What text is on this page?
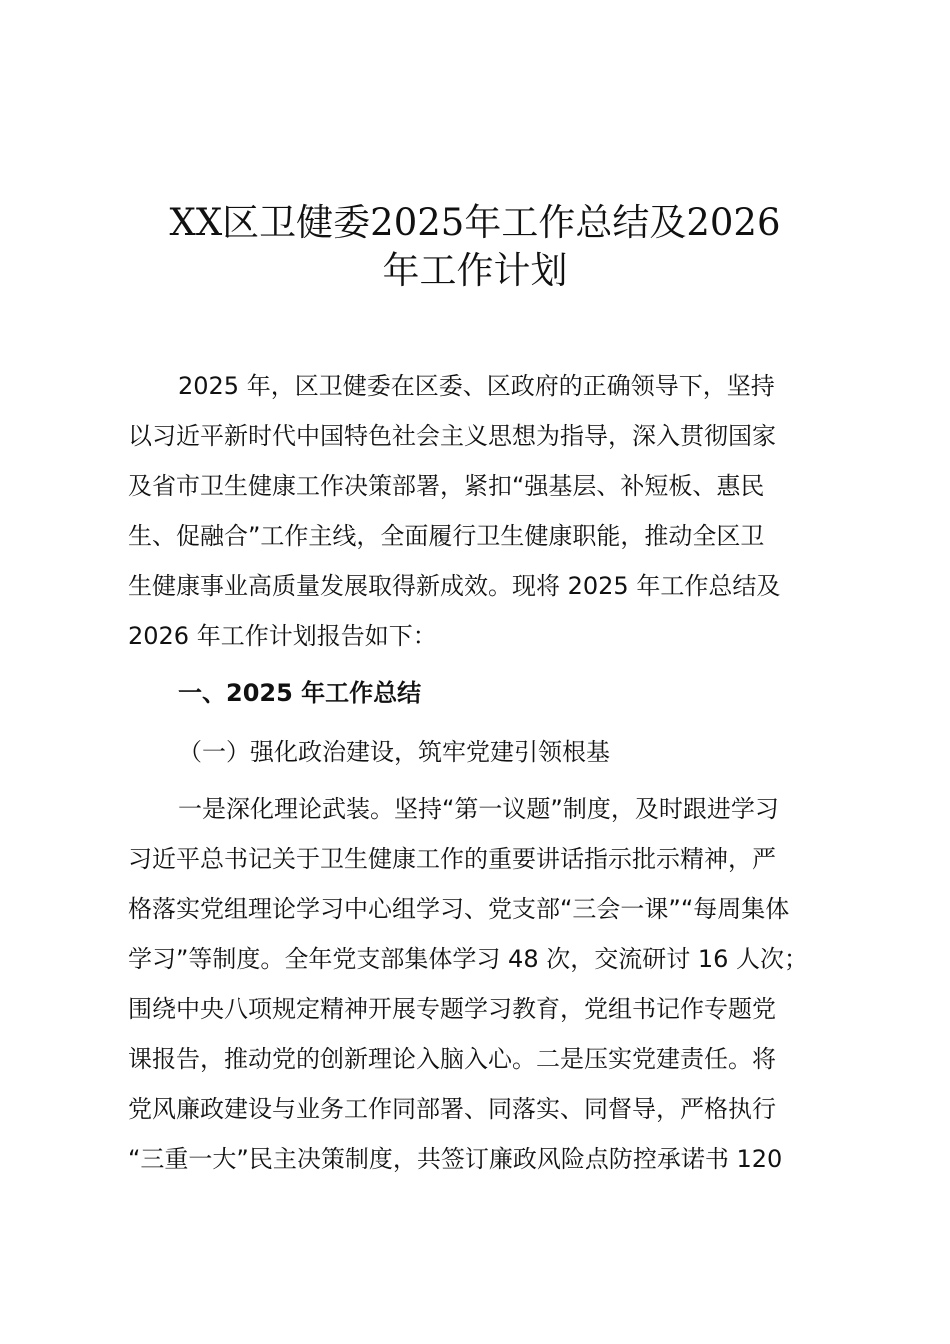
XX区卫健委2025年工作总结及2026
年工作计划
2025 年，区卫健委在区委、区政府的正确领导下，坚持
以习近平新时代中国特色社会主义思想为指导，深入贯彻国家
及省市卫生健康工作决策部署，紧扣“强基层、补短板、惠民
生、促融合”工作主线，全面履行卫生健康职能，推动全区卫
生健康事业高质量发展取得新成效。现将 2025 年工作总结及
2026 年工作计划报告如下：
一、2025 年工作总结
（一）强化政治建设，筑牢党建引领根基
一是深化理论武装。坚持“第一议题”制度，及时跟进学习
习近平总书记关于卫生健康工作的重要讲话指示批示精神，严
格落实党组理论学习中心组学习、党支部“三会一课”“每周集体
学习”等制度。全年党支部集体学习 48 次，交流研讨 16 人次；
围绕中央八项规定精神开展专题学习教育，党组书记作专题党
课报告，推动党的创新理论入脑入心。二是压实党建责任。将
党风廉政建设与业务工作同部署、同落实、同督导，严格执行
“三重一大”民主决策制度，共签订廉政风险点防控承诺书 120
